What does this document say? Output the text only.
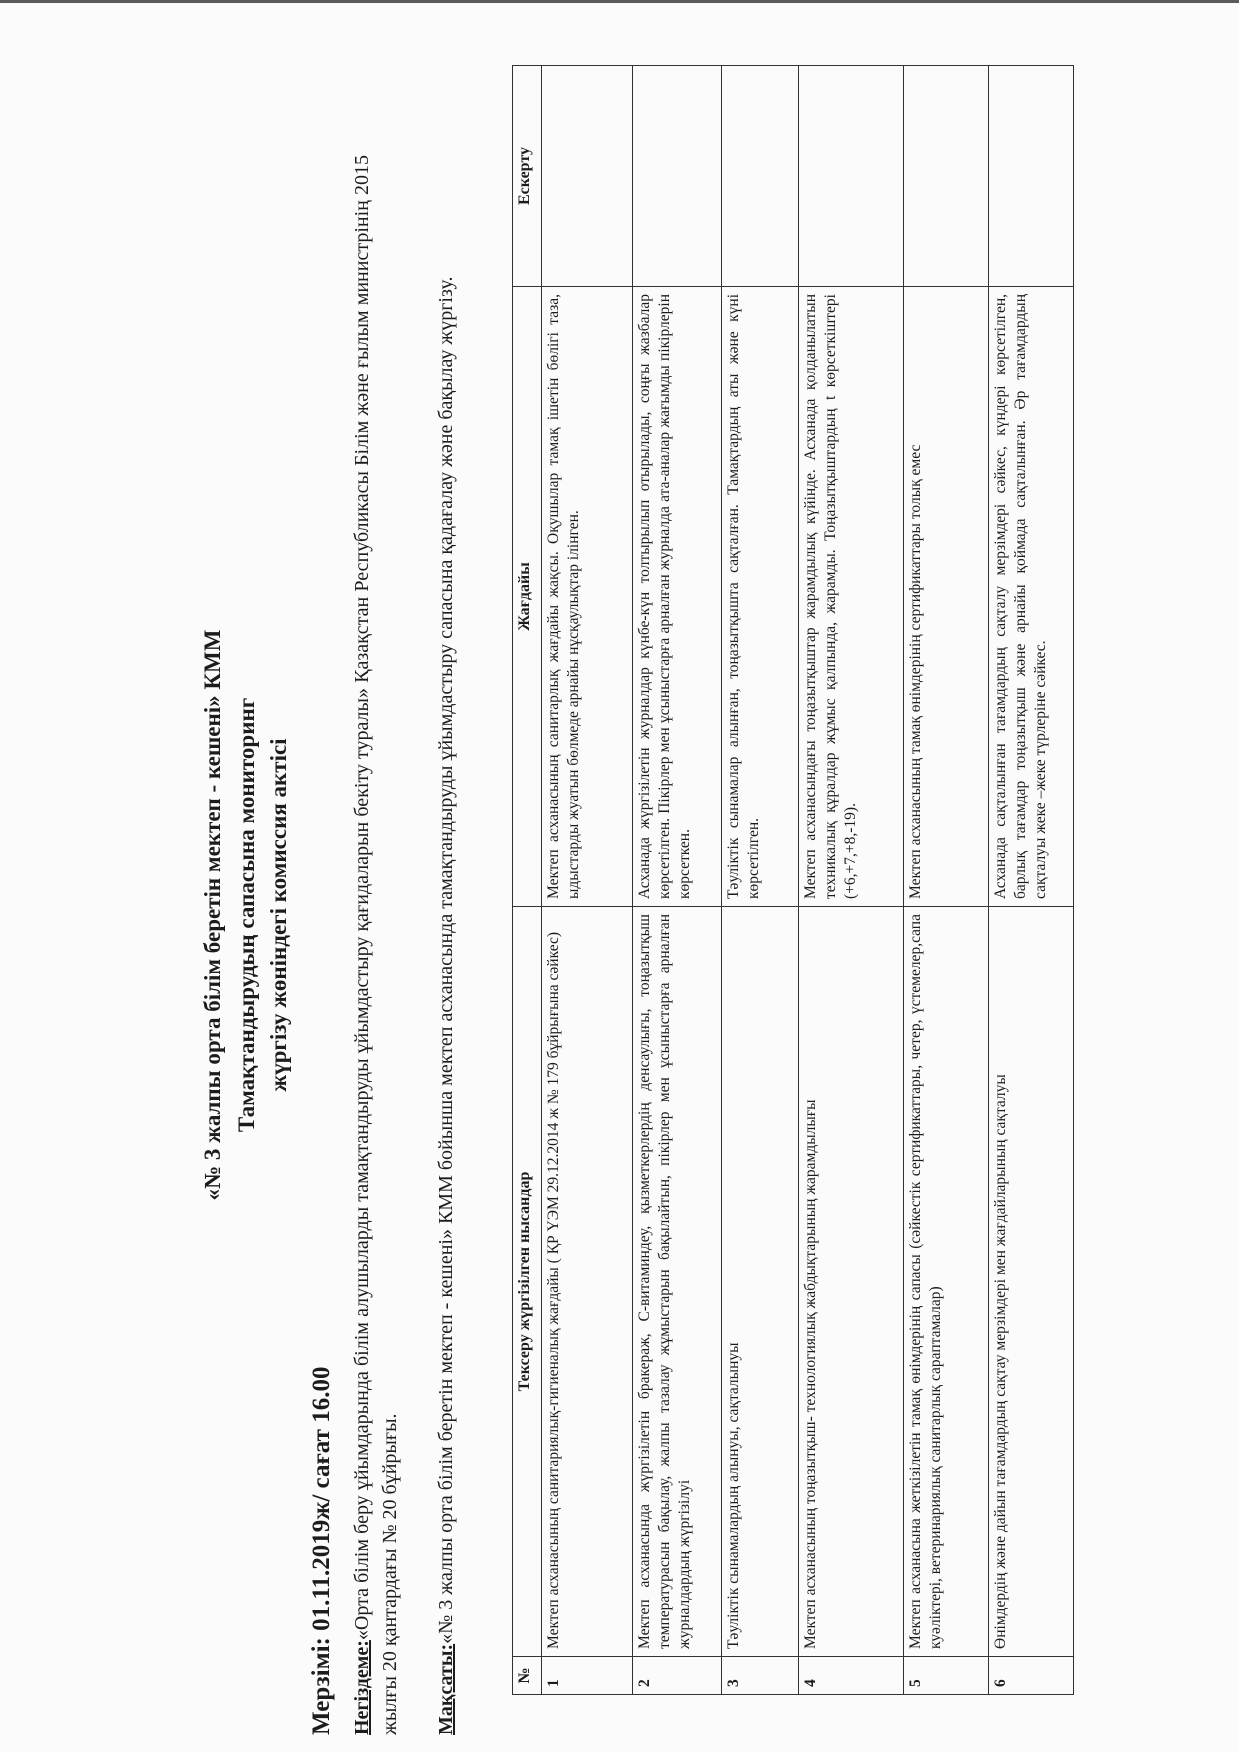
«№ 3 жалпы орта білім беретін мектеп - кешені» КММ Тамақтандырудың сапасына мониторинг жүргізу жөніндегі комиссия актісі
Мерзімі: 01.11.2019ж/ сағат 16.00 Негіздеме:«Орта білім беру ұйымдарында білім алушыларды тамақтандыруды ұйымдастыру қағидаларын бекіту туралы» Қазақстан Республикасы Білім және ғылым министрінің 2015 жылғы 20 қантардағы № 20 бұйрығы. Мақсаты:«№ 3 жалпы орта білім беретін мектеп - кешені» КММ бойынша мектеп асханасында тамақтандыруды ұйымдастыру сапасына қадағалау және бақылау жүргізу.
№	Тексеру жүргізілген нысандар	Жағдайы	Ескерту
1	Мектеп асханасының санитариялық-гигиеналық жағдайы ( ҚР ҮЭМ 29.12.2014 ж № 179 бұйрығына сәйкес)	Мектеп асханасының санитарлық жағдайы жақсы. Оқушылар тамақ ішетін бөлігі таза, ыдыстарды жуатын бөлмеде арнайы нұсқаулықтар ілінген.	
2	Мектеп асханасында жүргізілетін бракераж, С-витаминдеу, қызметкерлердің денсаулығы, тоңазытқыш температурасын бақылау, жалпы тазалау жұмыстарын бақылайтын, пікірлер мен ұсыныстарға арналған журналдардың жүргізілуі	Асханада жүргізілетін журналдар күнбе-күн толтырылып отырылады, соңғы жазбалар көрсетілген. Пікірлер мен ұсыныстарға арналған журналда ата-аналар жағымды пікірлерін көрсеткен.	
3	Тәуліктік сынамалардың алынуы, сақталынуы	Тәуліктік сынамалар алынған, тоңазытқышта сақталған. Тамақтардың аты және күні көрсетілген.	
4	Мектеп асханасының тоңазытқыш- технологиялық жабдықтарының жарамдылығы	Мектеп асханасындағы тоңазытқыштар жарамдылық күйінде. Асханада қолданылатын техникалық құралдар жұмыс қалпында, жарамды. Тоңазытқыштардың t көрсеткіштері (+6,+7,+8,-19).	
5	Мектеп асханасына жеткізілетін тамақ өнімдерінің сапасы (сәйкестік сертификаттары, четер, үстемелер,сапа куәліктері, ветеринариялық санитарлық сараптамалар)	Мектеп асханасының тамақ өнімдерінің сертификаттары толық емес	
6	Өнімдердің және дайын тағамдардың сақтау мерзімдері мен жағдайларының сақталуы	Асханада сақталынған тағамдардың сақталу мерзімдері сәйкес, күндері көрсетілген, барлық тағамдар тоңазытқыш және арнайы қоймада сақталынған. Әр тағамдардың сақталуы жеке –жеке түрлеріне сәйкес.	
